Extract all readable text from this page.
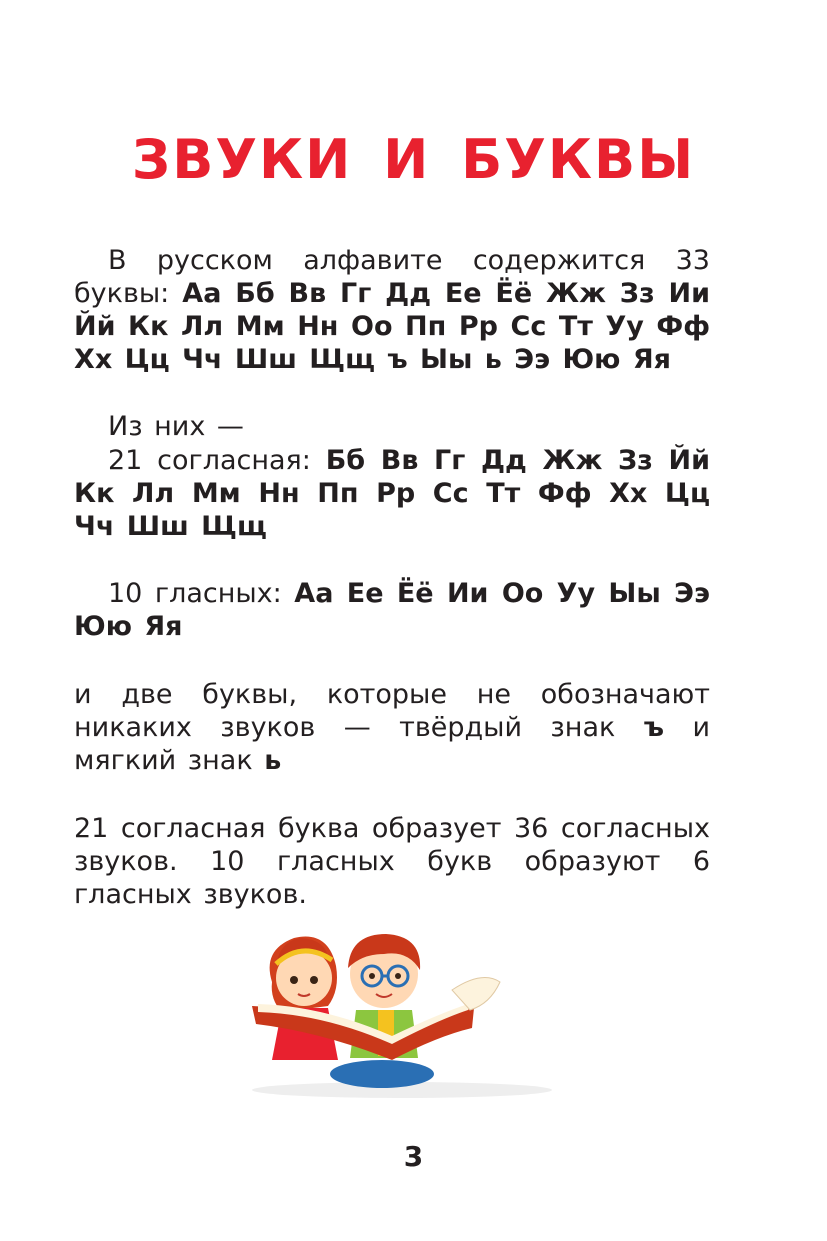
ЗВУКИ И БУКВЫ

В русском алфавите содержится 33 буквы: Аа Бб Вв Гг Дд Ее Ёё Жж Зз Ии Йй Кк Лл Мм Нн Оо Пп Рр Сс Тт Уу Фф Хх Цц Чч Шш Щщ ъ Ыы ь Ээ Юю Яя

Из них —

21 согласная: Бб Вв Гг Дд Жж Зз Йй Кк Лл Мм Нн Пп Рр Сс Тт Фф Хх Цц Чч Шш Щщ

10 гласных: Аа Ее Ёё Ии Оо Уу Ыы Ээ Юю Яя

и две буквы, которые не обозначают никаких звуков — твёрдый знак ъ и мягкий знак ь

21 согласная буква образует 36 согласных звуков. 10 гласных букв образуют 6 гласных звуков.

3
